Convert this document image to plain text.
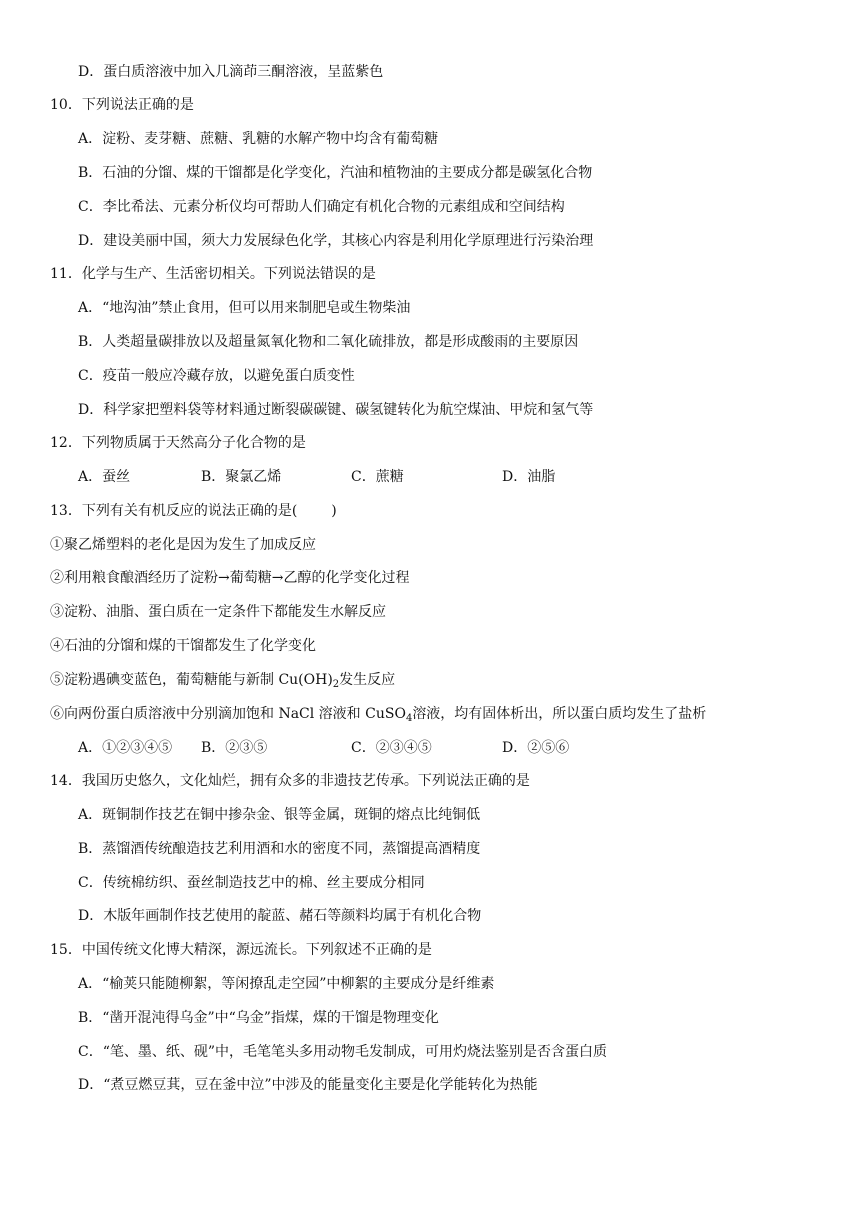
D．蛋白质溶液中加入几滴茚三酮溶液，呈蓝紫色
10．下列说法正确的是
A．淀粉、麦芽糖、蔗糖、乳糖的水解产物中均含有葡萄糖
B．石油的分馏、煤的干馏都是化学变化，汽油和植物油的主要成分都是碳氢化合物
C．李比希法、元素分析仪均可帮助人们确定有机化合物的元素组成和空间结构
D．建设美丽中国，须大力发展绿色化学，其核心内容是利用化学原理进行污染治理
11．化学与生产、生活密切相关。下列说法错误的是
A．“地沟油”禁止食用，但可以用来制肥皂或生物柴油
B．人类超量碳排放以及超量氮氧化物和二氧化硫排放，都是形成酸雨的主要原因
C．疫苗一般应冷藏存放，以避免蛋白质变性
D．科学家把塑料袋等材料通过断裂碳碳键、碳氢键转化为航空煤油、甲烷和氢气等
12．下列物质属于天然高分子化合物的是
A．蚕丝	B．聚氯乙烯	C．蔗糖	D．油脂
13．下列有关有机反应的说法正确的是( )
①聚乙烯塑料的老化是因为发生了加成反应
②利用粮食酿酒经历了淀粉→葡萄糖→乙醇的化学变化过程
③淀粉、油脂、蛋白质在一定条件下都能发生水解反应
④石油的分馏和煤的干馏都发生了化学变化
⑤淀粉遇碘变蓝色，葡萄糖能与新制 $Cu(OH)_2$发生反应
⑥向两份蛋白质溶液中分别滴加饱和 NaCl 溶液和 CuSO$_4$溶液，均有固体析出，所以蛋白质均发生了盐析
A．①②③④⑤ B．②③⑤	C．②③④⑤	D．②⑤⑥
14．我国历史悠久，文化灿烂，拥有众多的非遗技艺传承。下列说法正确的是
A．斑铜制作技艺在铜中掺杂金、银等金属，斑铜的熔点比纯铜低
B．蒸馏酒传统酿造技艺利用酒和水的密度不同，蒸馏提高酒精度
C．传统棉纺织、蚕丝制造技艺中的棉、丝主要成分相同
D．木版年画制作技艺使用的靛蓝、赭石等颜料均属于有机化合物
15．中国传统文化博大精深，源远流长。下列叙述不正确的是
A．“榆荚只能随柳絮，等闲撩乱走空园”中柳絮的主要成分是纤维素
B．“凿开混沌得乌金”中“乌金”指煤，煤的干馏是物理变化
C．“笔、墨、纸、砚”中，毛笔笔头多用动物毛发制成，可用灼烧法鉴别是否含蛋白质
D．“煮豆燃豆萁，豆在釜中泣”中涉及的能量变化主要是化学能转化为热能
